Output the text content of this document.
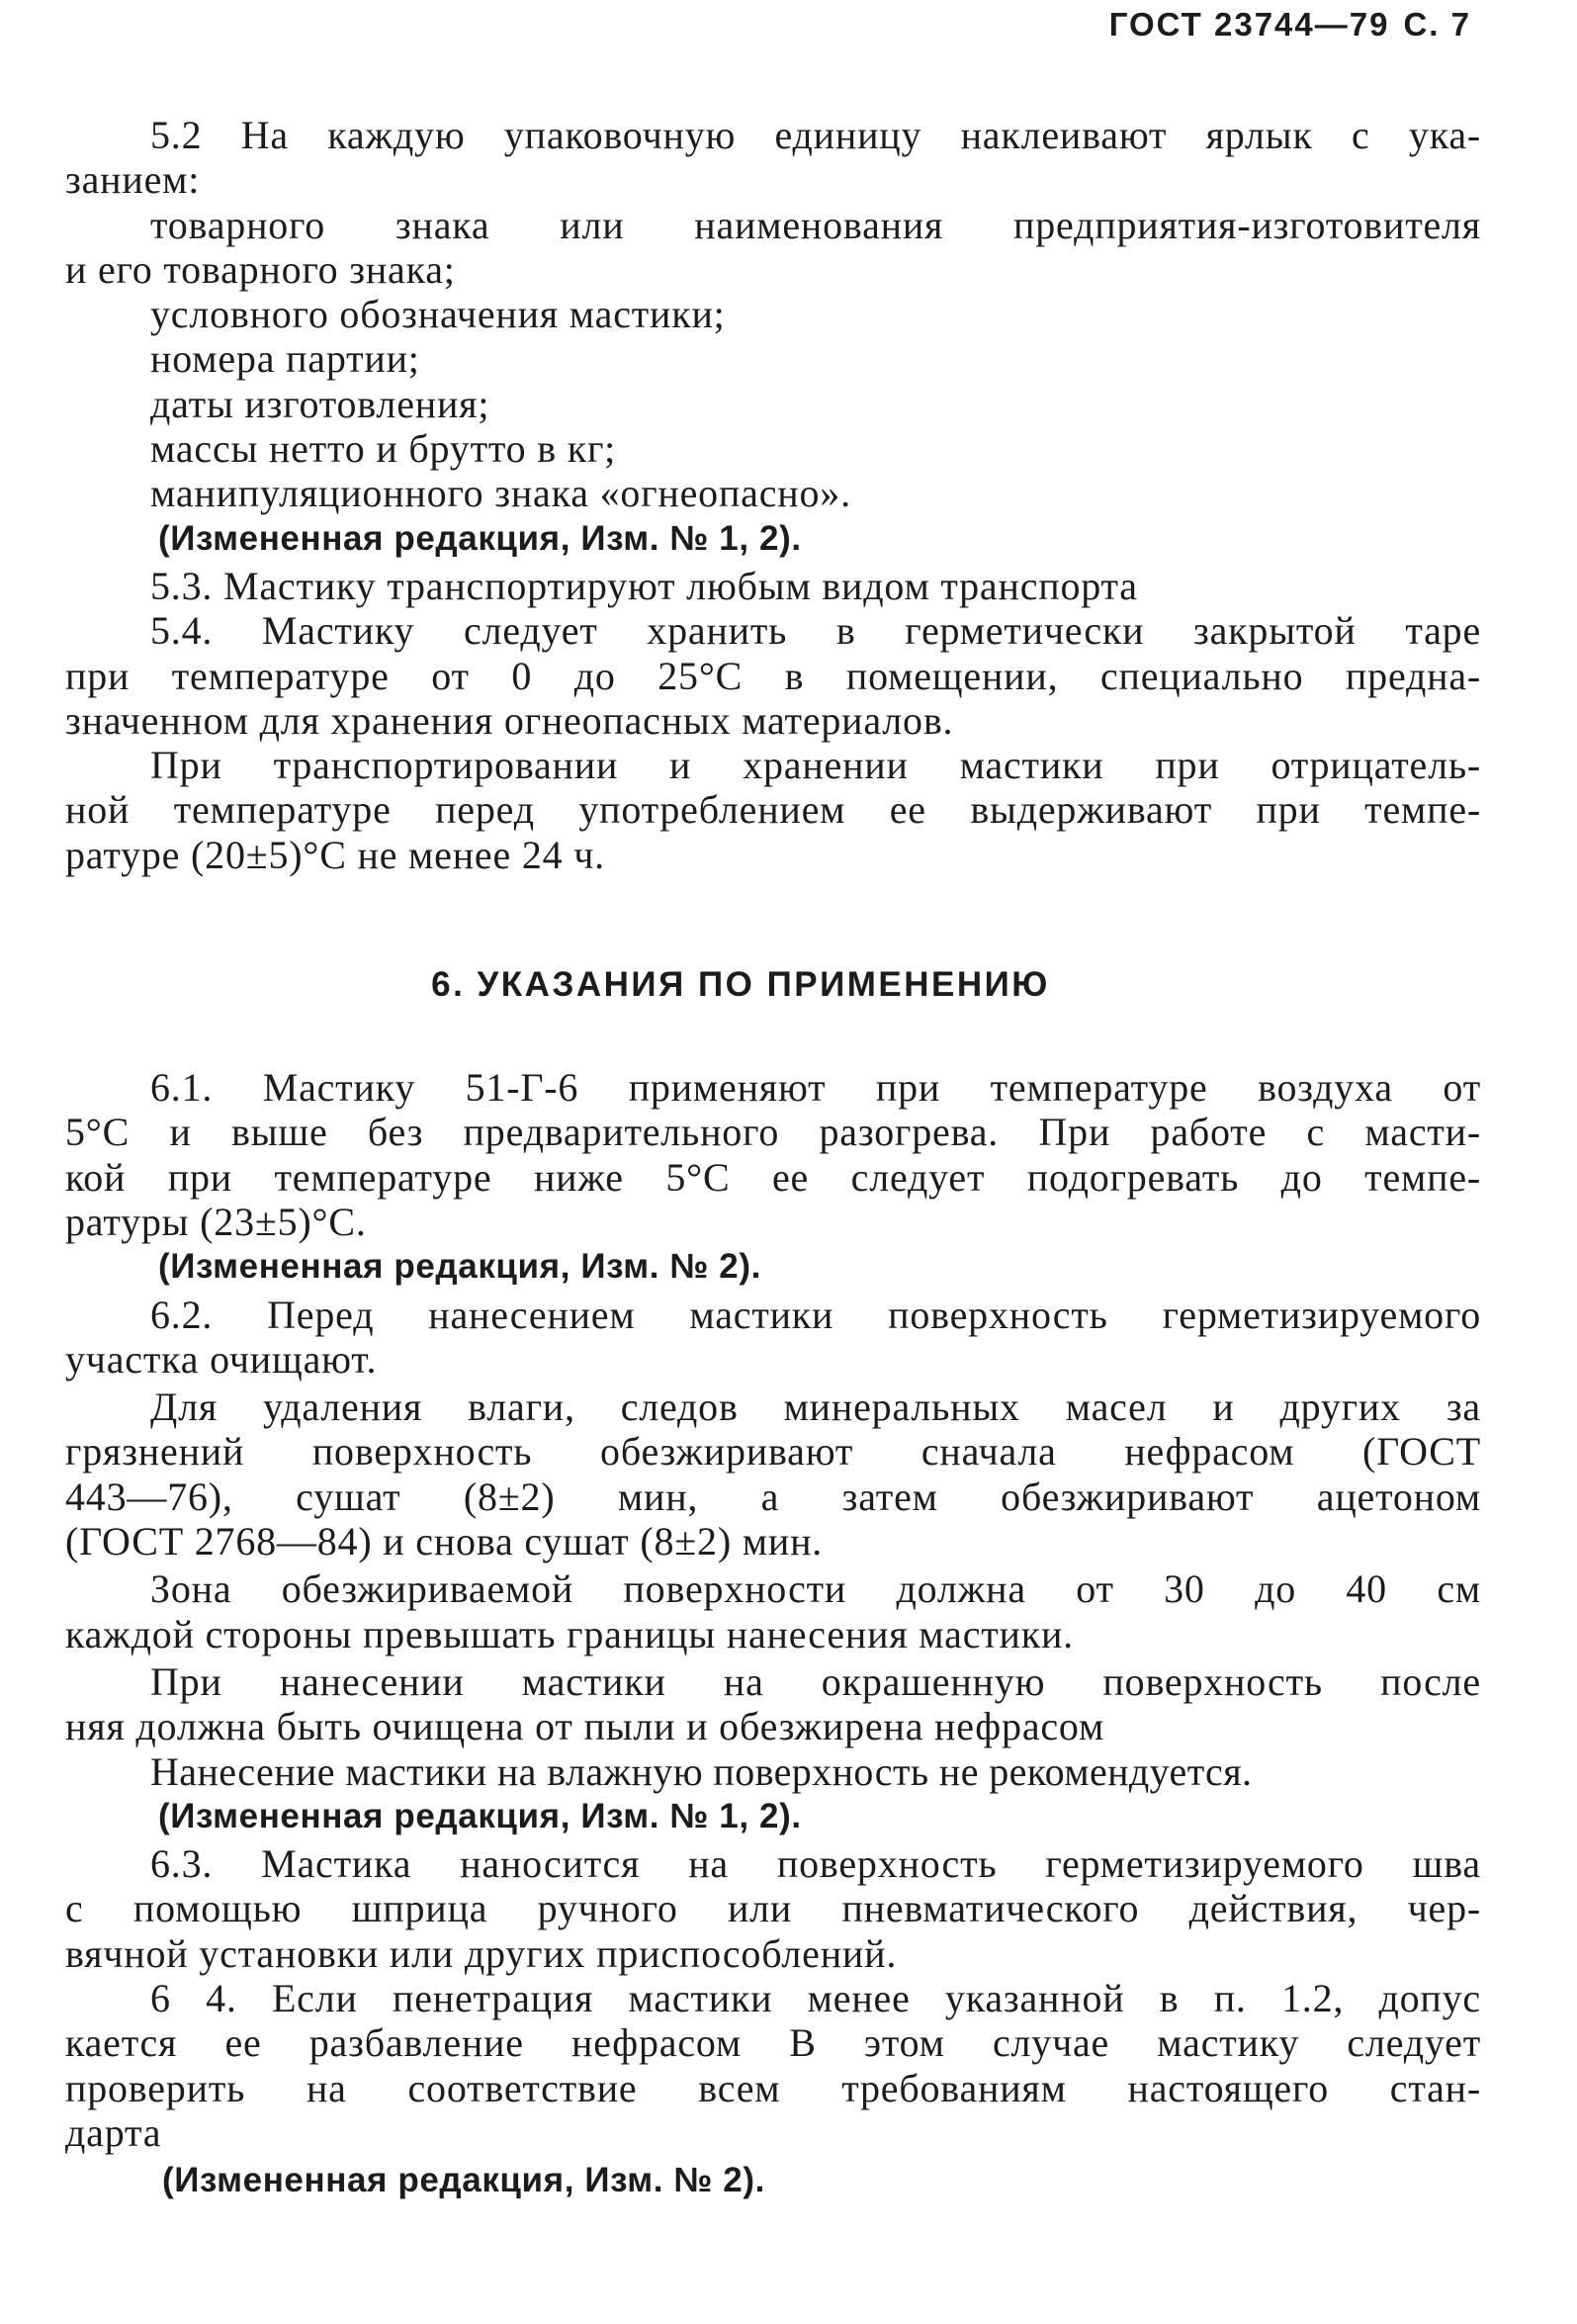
ГОСТ 23744—79 С. 7
5.2 На каждую упаковочную единицу наклеивают ярлык с ука-
занием:
товарного знака или наименования предприятия-изготовителя
и его товарного знака;
условного обозначения мастики;
номера партии;
даты изготовления;
массы нетто и брутто в кг;
манипуляционного знака «огнеопасно».
(Измененная редакция, Изм. № 1, 2).
5.3. Мастику транспортируют любым видом транспорта
5.4. Мастику следует хранить в герметически закрытой таре
при температуре от 0 до 25°С в помещении, специально предна-
значенном для хранения огнеопасных материалов.
При транспортировании и хранении мастики при отрицатель-
ной температуре перед употреблением ее выдерживают при темпе-
ратуре (20±5)°С не менее 24 ч.
6. УКАЗАНИЯ ПО ПРИМЕНЕНИЮ
6.1. Мастику 51-Г-6 применяют при температуре воздуха от
5°С и выше без предварительного разогрева. При работе с масти-
кой при температуре ниже 5°С ее следует подогревать до темпе-
ратуры (23±5)°С.
(Измененная редакция, Изм. № 2).
6.2. Перед нанесением мастики поверхность герметизируемого
участка очищают.
Для удаления влаги, следов минеральных масел и других за
грязнений поверхность обезжиривают сначала нефрасом (ГОСТ
443—76), сушат (8±2) мин, а затем обезжиривают ацетоном
(ГОСТ 2768—84) и снова сушат (8±2) мин.
Зона обезжириваемой поверхности должна от 30 до 40 см
каждой стороны превышать границы нанесения мастики.
При нанесении мастики на окрашенную поверхность после
няя должна быть очищена от пыли и обезжирена нефрасом
Нанесение мастики на влажную поверхность не рекомендуется.
(Измененная редакция, Изм. № 1, 2).
6.3. Мастика наносится на поверхность герметизируемого шва
с помощью шприца ручного или пневматического действия, чер-
вячной установки или других приспособлений.
6 4. Если пенетрация мастики менее указанной в п. 1.2, допус
кается ее разбавление нефрасом В этом случае мастику следует
проверить на соответствие всем требованиям настоящего стан-
дарта
(Измененная редакция, Изм. № 2).
